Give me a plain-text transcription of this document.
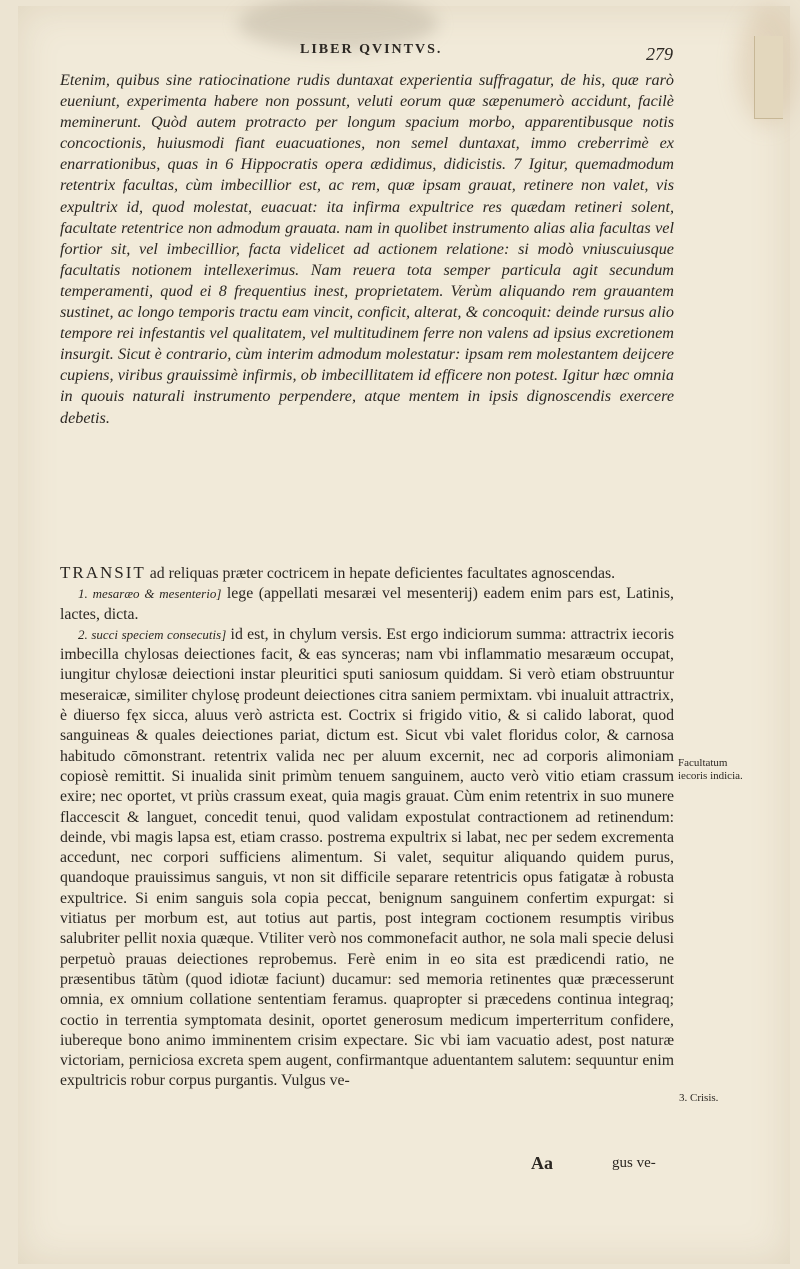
LIBER QVINTVS.	279
Etenim, quibus sine ratiocinatione rudis duntaxat experientia suffragatur, de his, quæ rarò eueniunt, experimenta habere non possunt, veluti eorum quæ sæpenumerò accidunt, facilè meminerunt. Quòd autem protracto per longum spacium morbo, apparentibusque notis concoctionis, huiusmodi fiant euacuationes, non semel duntaxat, immo creberrimè ex enarrationibus, quas in 6 Hippocratis opera ædidimus, didicistis. 7 Igitur, quemadmodum retentrix facultas, cùm imbecillior est, ac rem, quæ ipsam grauat, retinere non valet, vis expultrix id, quod molestat, euacuat: ita infirma expultrice res quædam retineri solent, facultate retentrice non admodum grauata. nam in quolibet instrumento alias alia facultas vel fortior sit, vel imbecillior, facta videlicet ad actionem relatione: si modò vniuscuiusque facultatis notionem intellexerimus. Nam reuera tota semper particula agit secundum temperamenti, quod ei 8 frequentius inest, proprietatem. Verùm aliquando rem grauantem sustinet, ac longo temporis tractu eam vincit, conficit, alterat, & concoquit: deinde rursus alio tempore rei infestantis vel qualitatem, vel multitudinem ferre non valens ad ipsius excretionem insurgit. Sicut è contrario, cùm interim admodum molestatur: ipsam rem molestantem deijcere cupiens, viribus grauissimè infirmis, ob imbecillitatem id efficere non potest. Igitur hæc omnia in quouis naturali instrumento perpendere, atque mentem in ipsis dignoscendis exercere debetis.

TRANSIT ad reliquas præter coctricem in hepate deficientes facultates agnoscendas.

1. mesaræo & mesenterio] lege (appellati mesaræi vel mesenterij) eadem enim pars est, Latinis, lactes, dicta.

2. succi speciem consecutis] id est, in chylum versis. Est ergo indiciorum summa: attractrix iecoris imbecilla chylosas deiectiones facit, & eas synceras; nam vbi inflammatio mesaræum occupat, iungitur chylosæ deiectioni instar pleuritici sputi saniosum quiddam. Si verò etiam obstruuntur meseraicæ, similiter chylosę prodeunt deiectiones citra saniem permixtam. vbi inualuit attractrix, è diuerso fęx sicca, aluus verò astricta est. Coctrix si frigido vitio, & si calido laborat, quod sanguineas & quales deiectiones pariat, dictum est. Sicut vbi valet floridus color, & carnosa habitudo cōmonstrant. retentrix valida nec per aluum excernit, nec ad corporis alimoniam copiosè remittit. Si inualida sinit primùm tenuem sanguinem, aucto verò vitio etiam crassum exire; nec oportet, vt priùs crassum exeat, quia magis grauat. Cùm enim retentrix in suo munere flaccescit & languet, concedit tenui, quod validam expostulat contractionem ad retinendum: deinde, vbi magis lapsa est, etiam crasso. postrema expultrix si labat, nec per sedem excrementa accedunt, nec corpori sufficiens alimentum. Si valet, sequitur aliquando quidem purus, quandoque prauissimus sanguis, vt non sit difficile separare retentricis opus fatigatæ à robusta expultrice. Si enim sanguis sola copia peccat, benignum sanguinem confertim expurgat: si vitiatus per morbum est, aut totius aut partis, post integram coctionem resumptis viribus salubriter pellit noxia quæque. Vtiliter verò nos commonefacit author, ne sola mali specie delusi perpetuò prauas deiectiones reprobemus. Ferè enim in eo sita est prædicendi ratio, ne præsentibus tātùm (quod idiotæ faciunt) ducamur: sed memoria retinentes quæ præcesserunt omnia, ex omnium collatione sententiam feramus. quapropter si præcedens continua integraq; coctio in terrentia symptomata desinit, oportet generosum medicum imperterritum confidere, iubereque bono animo imminentem crisim expectare. Sic vbi iam vacuatio adest, post naturæ victoriam, perniciosa excreta spem augent, confirmantque aduentantem salutem: sequuntur enim expultricis robur corpus purgantis. Vulgus ve-

Facultatum iecoris indicia.
3. Crisis.
Aa	gus ve-
